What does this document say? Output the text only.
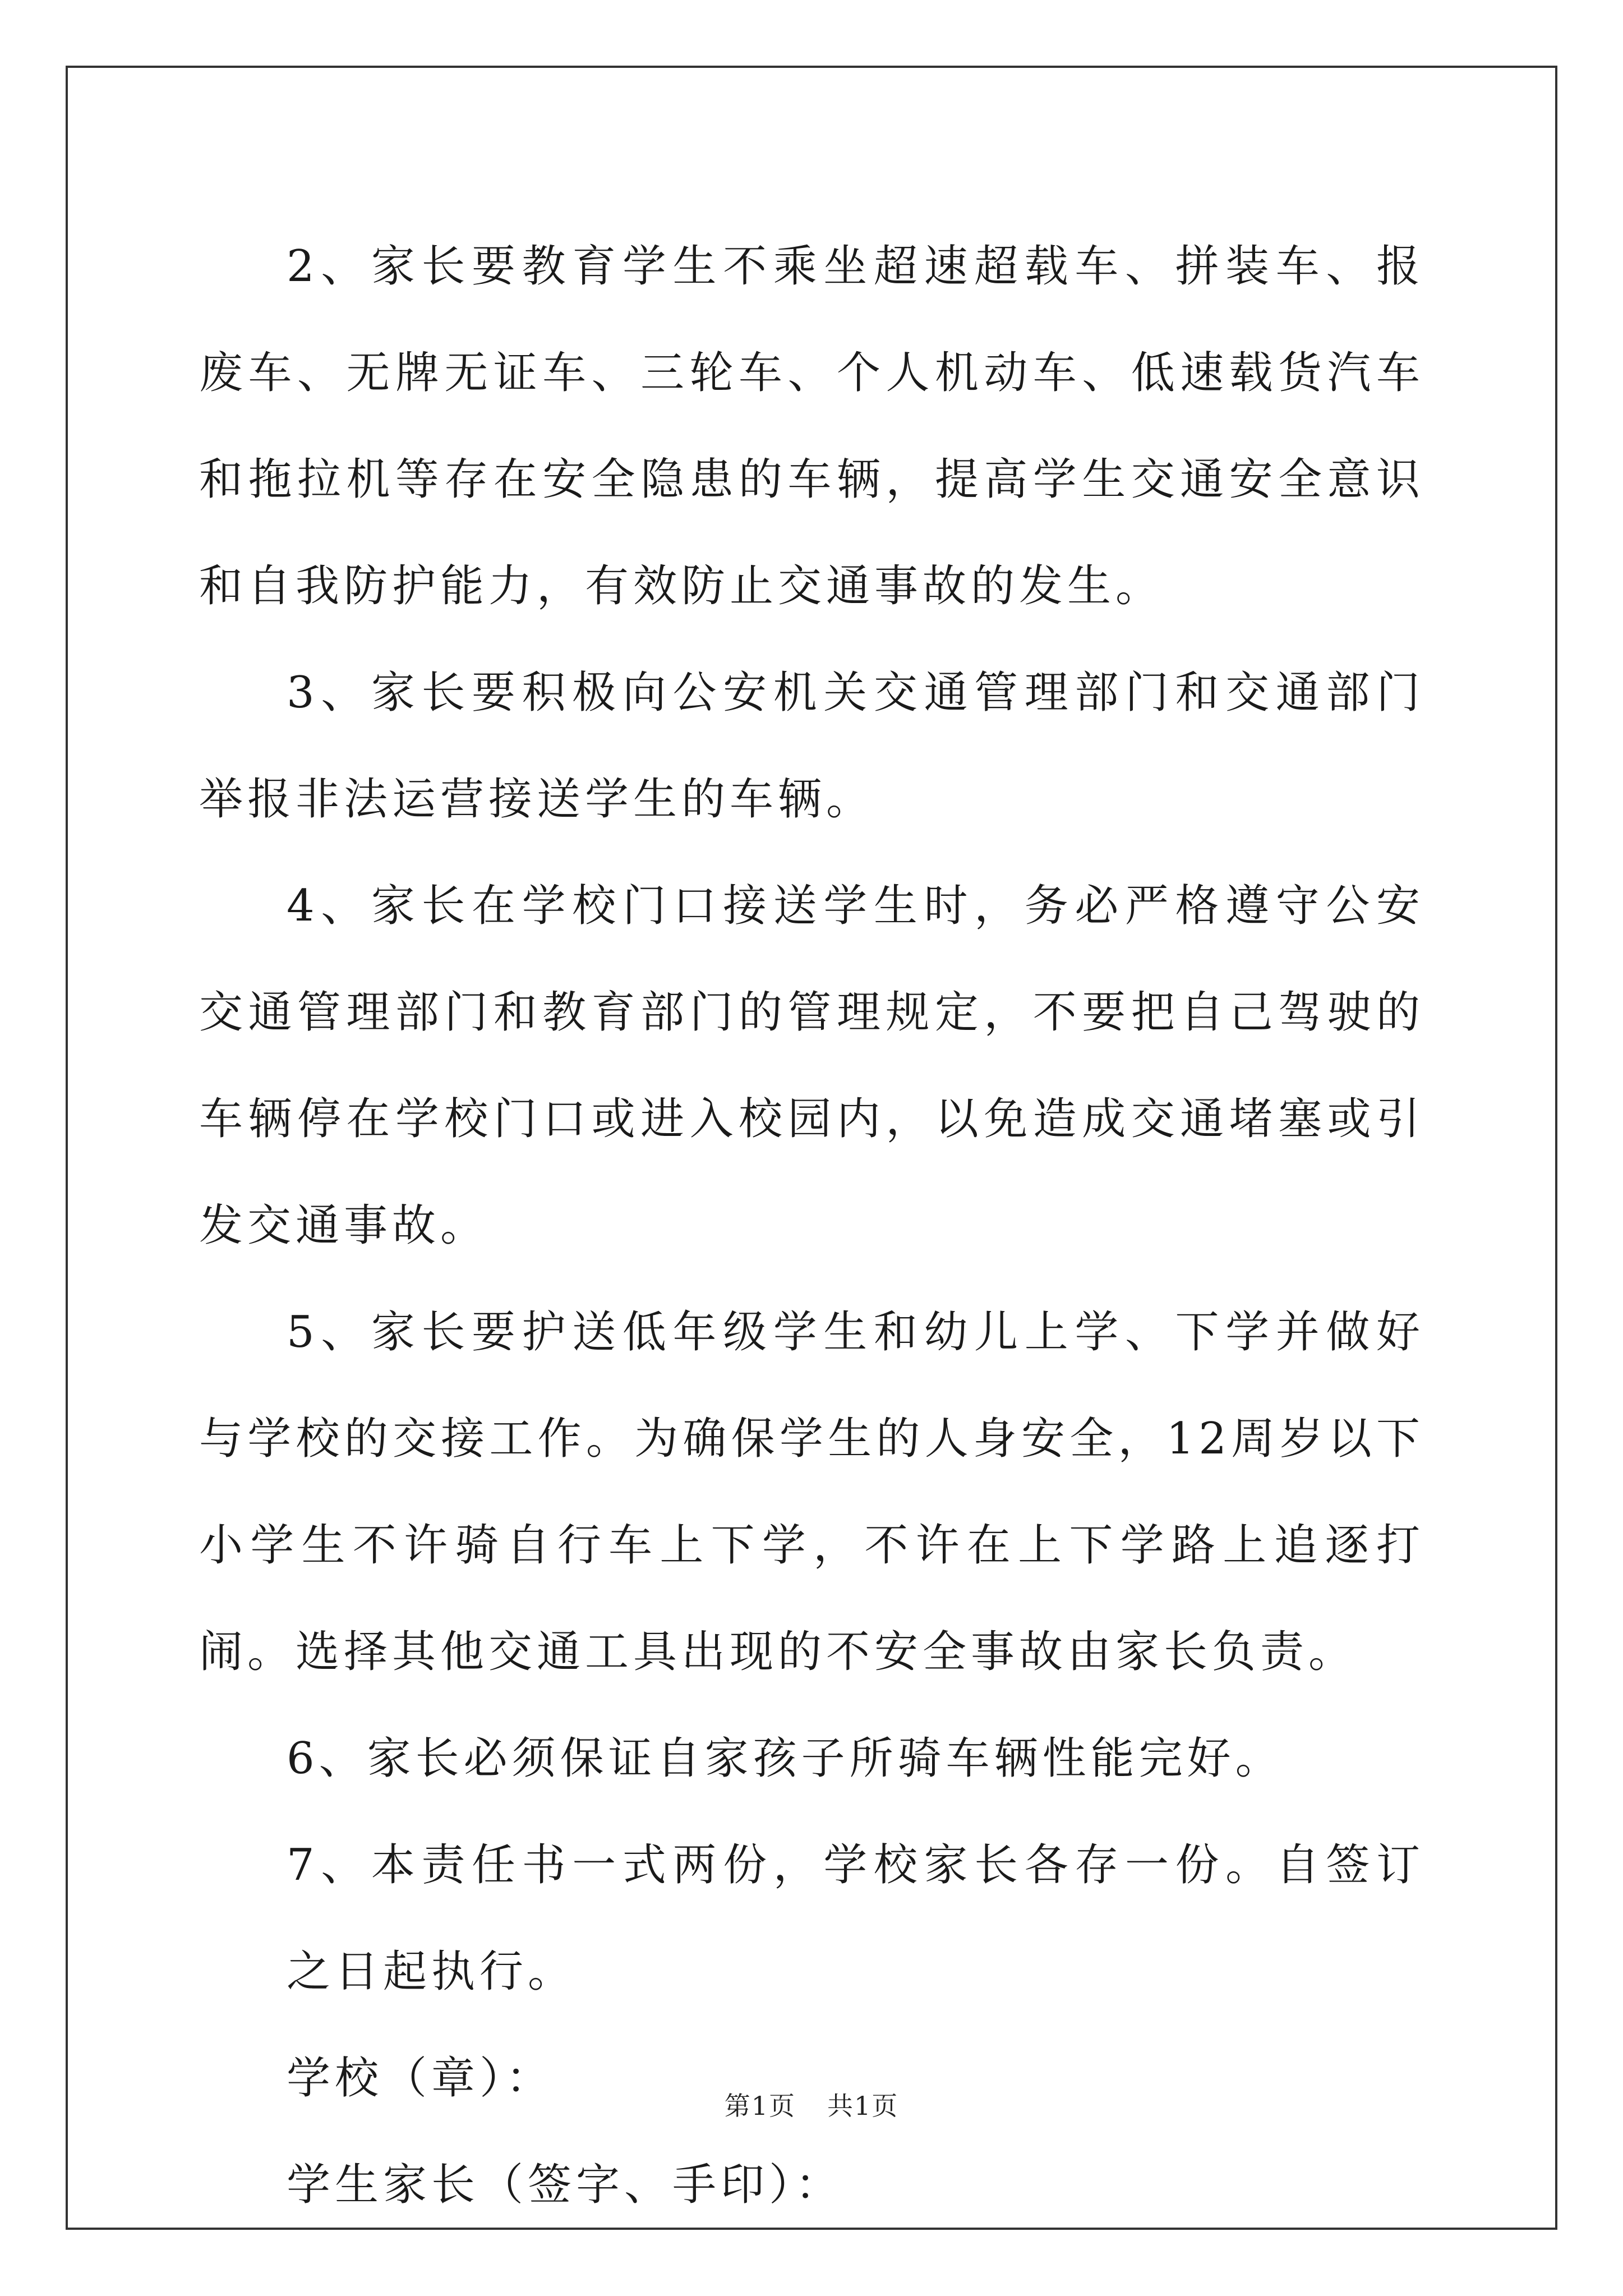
2、家长要教育学生不乘坐超速超载车、拼装车、报废车、无牌无证车、三轮车、个人机动车、低速载货汽车和拖拉机等存在安全隐患的车辆，提高学生交通安全意识和自我防护能力，有效防止交通事故的发生。

3、家长要积极向公安机关交通管理部门和交通部门举报非法运营接送学生的车辆。

4、家长在学校门口接送学生时，务必严格遵守公安交通管理部门和教育部门的管理规定，不要把自己驾驶的车辆停在学校门口或进入校园内，以免造成交通堵塞或引发交通事故。

5、家长要护送低年级学生和幼儿上学、下学并做好与学校的交接工作。为确保学生的人身安全，12周岁以下小学生不许骑自行车上下学，不许在上下学路上追逐打闹。选择其他交通工具出现的不安全事故由家长负责。

6、家长必须保证自家孩子所骑车辆性能完好。

7、本责任书一式两份，学校家长各存一份。自签订之日起执行。

学校（章）：

学生家长（签字、手印）：

第1页 共1页
